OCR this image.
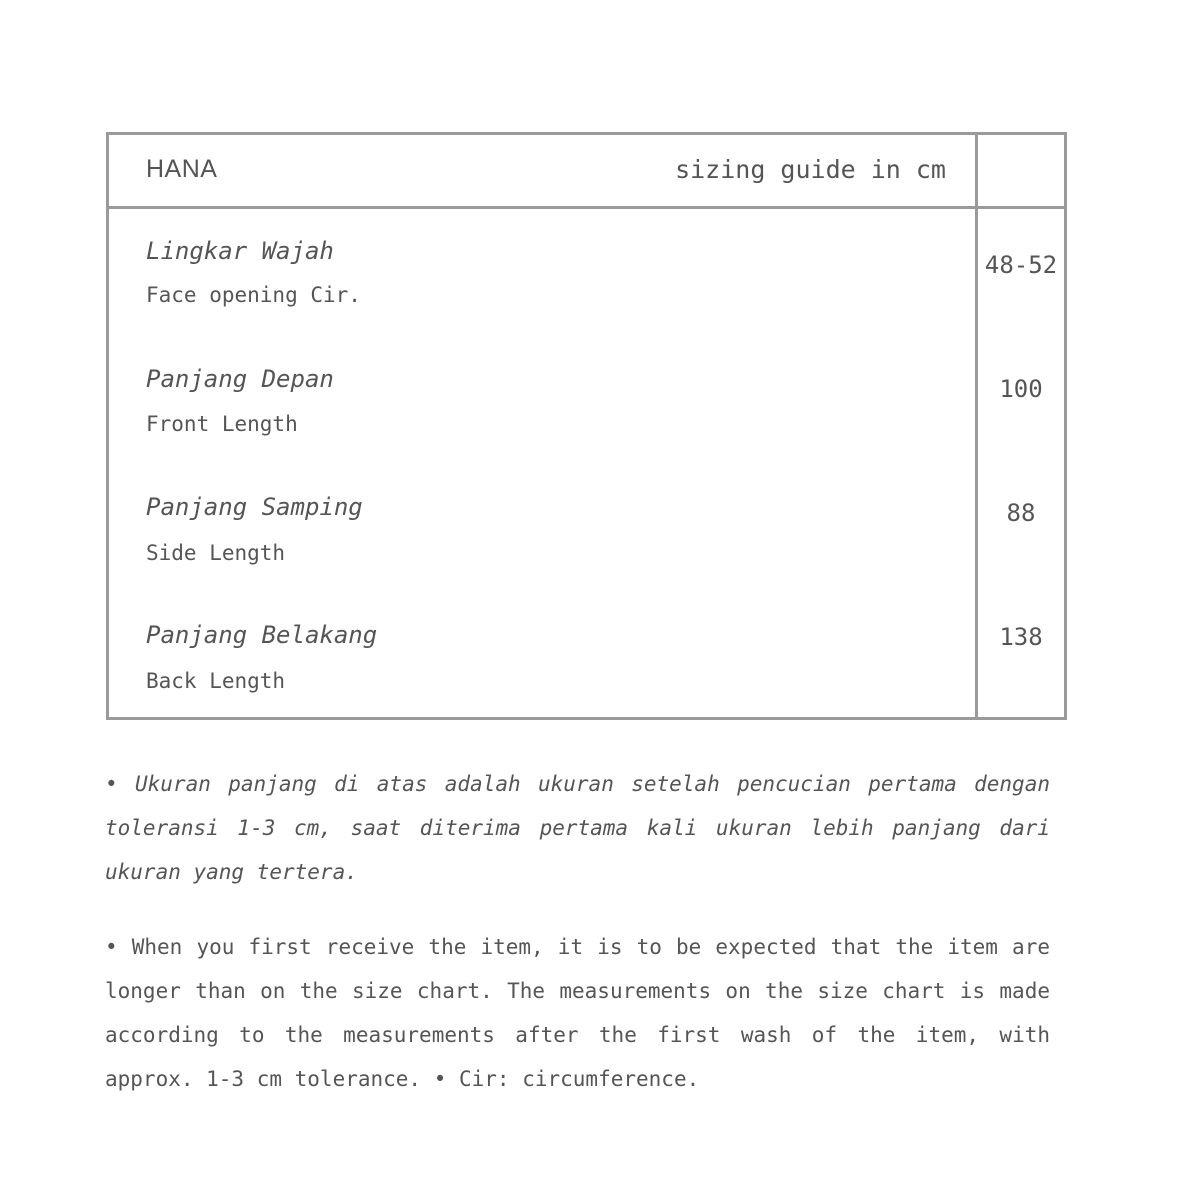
HANA	sizing guide in cm
Lingkar Wajah
Face opening Cir.
48-52
Panjang Depan
Front Length
100
Panjang Samping
Side Length
88
Panjang Belakang
Back Length
138

• Ukuran panjang di atas adalah ukuran setelah pencucian pertama dengan toleransi 1-3 cm, saat diterima pertama kali ukuran lebih panjang dari ukuran yang tertera.

• When you first receive the item, it is to be expected that the item are longer than on the size chart. The measurements on the size chart is made according to the measurements after the first wash of the item, with approx. 1-3 cm tolerance. • Cir: circumference.
